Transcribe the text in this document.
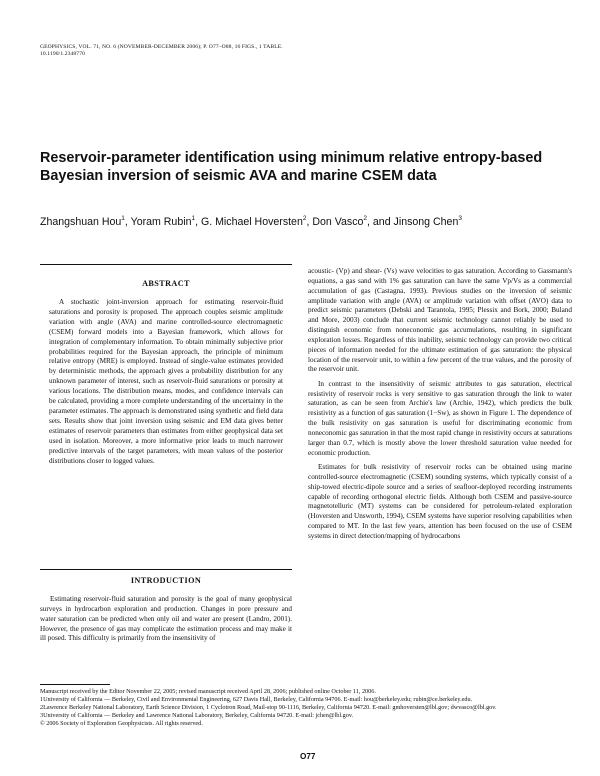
GEOPHYSICS, VOL. 71, NO. 6 (NOVEMBER-DECEMBER 2006); P. O77–O88, 16 FIGS., 1 TABLE.
10.1190/1.2348770
Reservoir-parameter identification using minimum relative entropy-based Bayesian inversion of seismic AVA and marine CSEM data
Zhangshuan Hou$^1$, Yoram Rubin$^1$, G. Michael Hoversten$^2$, Don Vasco$^2$, and Jinsong Chen$^3$
ABSTRACT

A stochastic joint-inversion approach for estimating reservoir-fluid saturations and porosity is proposed. The approach couples seismic amplitude variation with angle (AVA) and marine controlled-source electromagnetic (CSEM) forward models into a Bayesian framework, which allows for integration of complementary information. To obtain minimally subjective prior probabilities required for the Bayesian approach, the principle of minimum relative entropy (MRE) is employed. Instead of single-value estimates provided by deterministic methods, the approach gives a probability distribution for any unknown parameter of interest, such as reservoir-fluid saturations or porosity at various locations. The distribution means, modes, and confidence intervals can be calculated, providing a more complete understanding of the uncertainty in the parameter estimates. The approach is demonstrated using synthetic and field data sets. Results show that joint inversion using seismic and EM data gives better estimates of reservoir parameters than estimates from either geophysical data set used in isolation. Moreover, a more informative prior leads to much narrower predictive intervals of the target parameters, with mean values of the posterior distributions closer to logged values.

INTRODUCTION

Estimating reservoir-fluid saturation and porosity is the goal of many geophysical surveys in hydrocarbon exploration and production. Changes in pore pressure and water saturation can be predicted when only oil and water are present (Landro, 2001). However, the presence of gas may complicate the estimation process and may make it ill posed. This difficulty is primarily from the insensitivity of

acoustic- (Vp) and shear- (Vs) wave velocities to gas saturation. According to Gassmann's equations, a gas sand with 1% gas saturation can have the same Vp/Vs as a commercial accumulation of gas (Castagna, 1993). Previous studies on the inversion of seismic amplitude variation with angle (AVA) or amplitude variation with offset (AVO) data to predict seismic parameters (Debski and Tarantola, 1995; Plessix and Bork, 2000; Buland and More, 2003) conclude that current seismic technology cannot reliably be used to distinguish economic from noneconomic gas accumulations, resulting in significant exploration losses. Regardless of this inability, seismic technology can provide two critical pieces of information needed for the ultimate estimation of gas saturation: the physical location of the reservoir unit, to within a few percent of the true values, and the porosity of the reservoir unit.

In contrast to the insensitivity of seismic attributes to gas saturation, electrical resistivity of reservoir rocks is very sensitive to gas saturation through the link to water saturation, as can be seen from Archie's law (Archie, 1942), which predicts the bulk resistivity as a function of gas saturation (1−Sw), as shown in Figure 1. The dependence of the bulk resistivity on gas saturation is useful for discriminating economic from noneconomic gas saturation in that the most rapid change in resistivity occurs at saturations larger than 0.7, which is mostly above the lower threshold saturation value needed for economic production.

Estimates for bulk resistivity of reservoir rocks can be obtained using marine controlled-source electromagnetic (CSEM) sounding systems, which typically consist of a ship-towed electric-dipole source and a series of seafloor-deployed recording instruments capable of recording orthogonal electric fields. Although both CSEM and passive-source magnetotelluric (MT) systems can be considered for petroleum-related exploration (Hoversten and Unsworth, 1994), CSEM systems have superior resolving capabilities when compared to MT. In the last few years, attention has been focused on the use of CSEM systems in direct detection/mapping of hydrocarbons

Manuscript received by the Editor November 22, 2005; revised manuscript received April 28, 2006; published online October 11, 2006.
1University of California — Berkeley, Civil and Environmental Engineering, 627 Davis Hall, Berkeley, California 94706. E-mail: hou@berkeley.edu; rubin@ce.berkeley.edu.
2Lawrence Berkeley National Laboratory, Earth Science Division, 1 Cyclotron Road, Mail-stop 90-1116, Berkeley, California 94720. E-mail: gmhoversten@lbl.gov; dwvasco@lbl.gov.
3University of California — Berkeley and Lawrence National Laboratory, Berkeley, California 94720. E-mail: jchen@lbl.gov.
© 2006 Society of Exploration Geophysicists. All rights reserved.
O77
